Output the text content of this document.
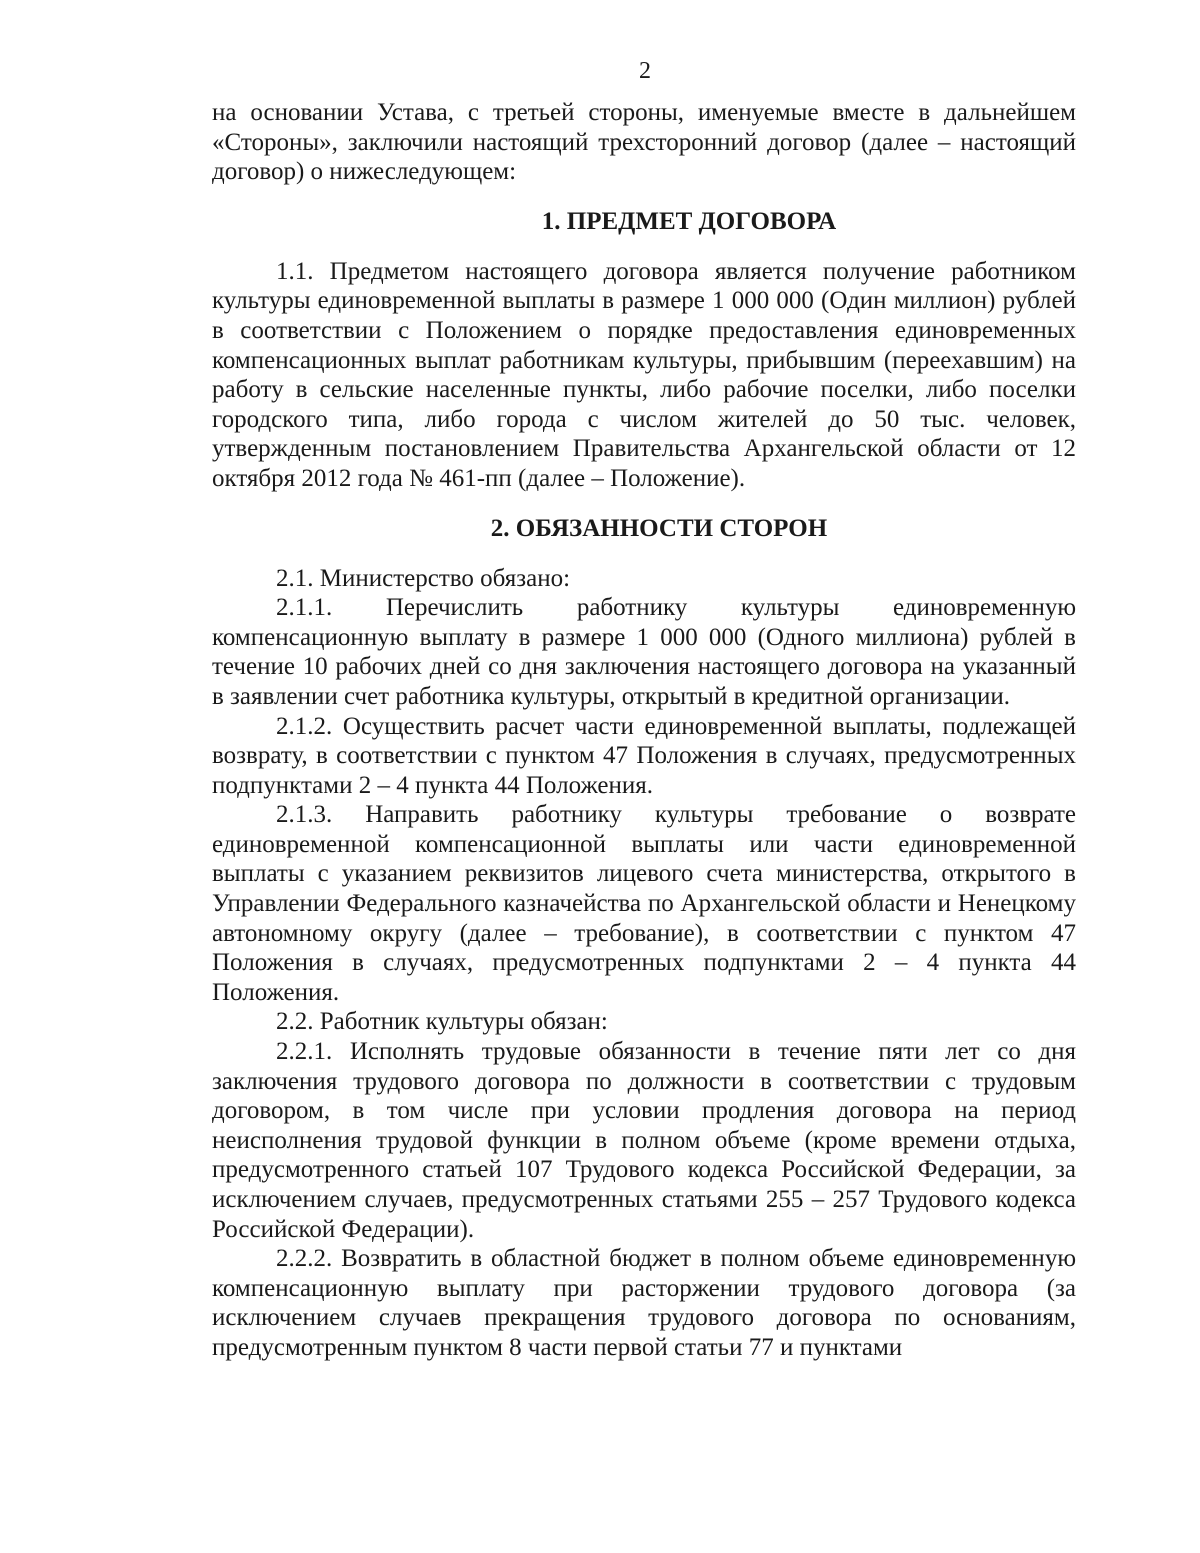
2

на основании Устава, с третьей стороны, именуемые вместе в дальнейшем «Стороны», заключили настоящий трехсторонний договор (далее – настоящий договор) о нижеследующем:

1. ПРЕДМЕТ ДОГОВОРА

1.1. Предметом настоящего договора является получение работником культуры единовременной выплаты в размере 1 000 000 (Один миллион) рублей в соответствии с Положением о порядке предоставления единовременных компенсационных выплат работникам культуры, прибывшим (переехавшим) на работу в сельские населенные пункты, либо рабочие поселки, либо поселки городского типа, либо города с числом жителей до 50 тыс. человек, утвержденным постановлением Правительства Архангельской области от 12 октября 2012 года № 461-пп (далее – Положение).

2. ОБЯЗАННОСТИ СТОРОН

2.1. Министерство обязано:

2.1.1. Перечислить работнику культуры единовременную компенсационную выплату в размере 1 000 000 (Одного миллиона) рублей в течение 10 рабочих дней со дня заключения настоящего договора на указанный в заявлении счет работника культуры, открытый в кредитной организации.

2.1.2. Осуществить расчет части единовременной выплаты, подлежащей возврату, в соответствии с пунктом 47 Положения в случаях, предусмотренных подпунктами 2 – 4 пункта 44 Положения.

2.1.3. Направить работнику культуры требование о возврате единовременной компенсационной выплаты или части единовременной выплаты с указанием реквизитов лицевого счета министерства, открытого в Управлении Федерального казначейства по Архангельской области и Ненецкому автономному округу (далее – требование), в соответствии с пунктом 47 Положения в случаях, предусмотренных подпунктами 2 – 4 пункта 44 Положения.

2.2. Работник культуры обязан:

2.2.1. Исполнять трудовые обязанности в течение пяти лет со дня заключения трудового договора по должности в соответствии с трудовым договором, в том числе при условии продления договора на период неисполнения трудовой функции в полном объеме (кроме времени отдыха, предусмотренного статьей 107 Трудового кодекса Российской Федерации, за исключением случаев, предусмотренных статьями 255 – 257 Трудового кодекса Российской Федерации).

2.2.2. Возвратить в областной бюджет в полном объеме единовременную компенсационную выплату при расторжении трудового договора (за исключением случаев прекращения трудового договора по основаниям, предусмотренным пунктом 8 части первой статьи 77 и пунктами
